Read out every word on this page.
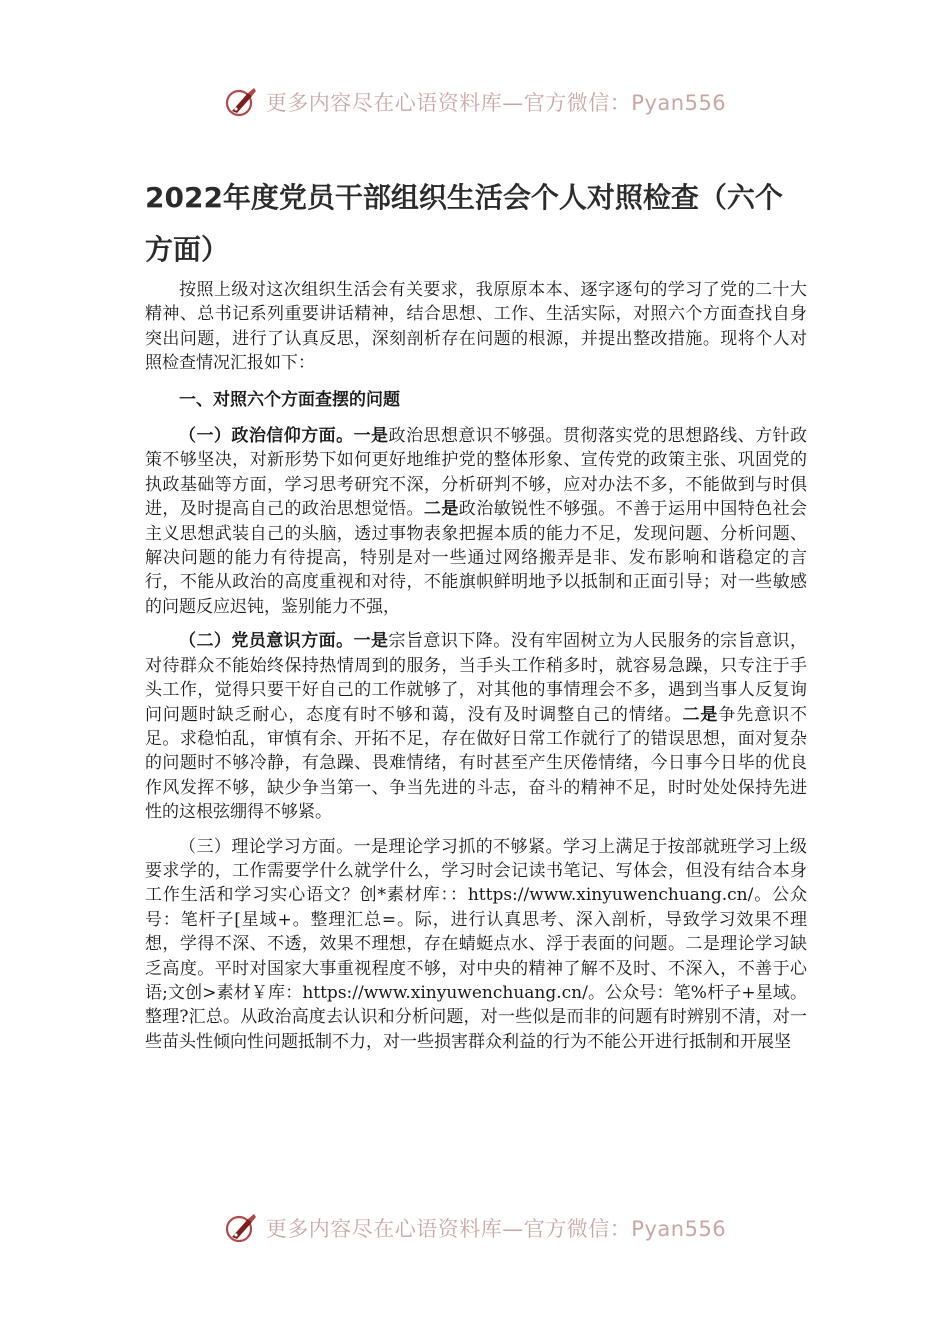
更多内容尽在心语资料库—官方微信：Pyan556
2022年度党员干部组织生活会个人对照检查（六个方面）

按照上级对这次组织生活会有关要求，我原原本本、逐字逐句的学习了党的二十大精神、总书记系列重要讲话精神，结合思想、工作、生活实际，对照六个方面查找自身突出问题，进行了认真反思，深刻剖析存在问题的根源，并提出整改措施。现将个人对照检查情况汇报如下：

一、对照六个方面查摆的问题

（一）政治信仰方面。一是政治思想意识不够强。贯彻落实党的思想路线、方针政策不够坚决，对新形势下如何更好地维护党的整体形象、宣传党的政策主张、巩固党的执政基础等方面，学习思考研究不深，分析研判不够，应对办法不多，不能做到与时俱进，及时提高自己的政治思想觉悟。二是政治敏锐性不够强。不善于运用中国特色社会主义思想武装自己的头脑，透过事物表象把握本质的能力不足，发现问题、分析问题、解决问题的能力有待提高，特别是对一些通过网络搬弄是非、发布影响和谐稳定的言行，不能从政治的高度重视和对待，不能旗帜鲜明地予以抵制和正面引导；对一些敏感的问题反应迟钝，鉴别能力不强，

（二）党员意识方面。一是宗旨意识下降。没有牢固树立为人民服务的宗旨意识，对待群众不能始终保持热情周到的服务，当手头工作稍多时，就容易急躁，只专注于手头工作，觉得只要干好自己的工作就够了，对其他的事情理会不多，遇到当事人反复询问问题时缺乏耐心，态度有时不够和蔼，没有及时调整自己的情绪。二是争先意识不足。求稳怕乱，审慎有余、开拓不足，存在做好日常工作就行了的错误思想，面对复杂的问题时不够冷静，有急躁、畏难情绪，有时甚至产生厌倦情绪，今日事今日毕的优良作风发挥不够，缺少争当第一、争当先进的斗志，奋斗的精神不足，时时处处保持先进性的这根弦绷得不够紧。

（三）理论学习方面。一是理论学习抓的不够紧。学习上满足于按部就班学习上级要求学的，工作需要学什么就学什么，学习时会记读书笔记、写体会，但没有结合本身工作生活和学习实心语文？创*素材库：：https://www.xinyuwenchuang.cn/。公众号：笔杆子[星域+。整理汇总=。际，进行认真思考、深入剖析，导致学习效果不理想，学得不深、不透，效果不理想，存在蜻蜓点水、浮于表面的问题。二是理论学习缺乏高度。平时对国家大事重视程度不够，对中央的精神了解不及时、不深入，不善于心语;文创>素材￥库：https://www.xinyuwenchuang.cn/。公众号：笔%杆子+星域。整理?汇总。从政治高度去认识和分析问题，对一些似是而非的问题有时辨别不清，对一些苗头性倾向性问题抵制不力，对一些损害群众利益的行为不能公开进行抵制和开展坚

更多内容尽在心语资料库—官方微信：Pyan556
